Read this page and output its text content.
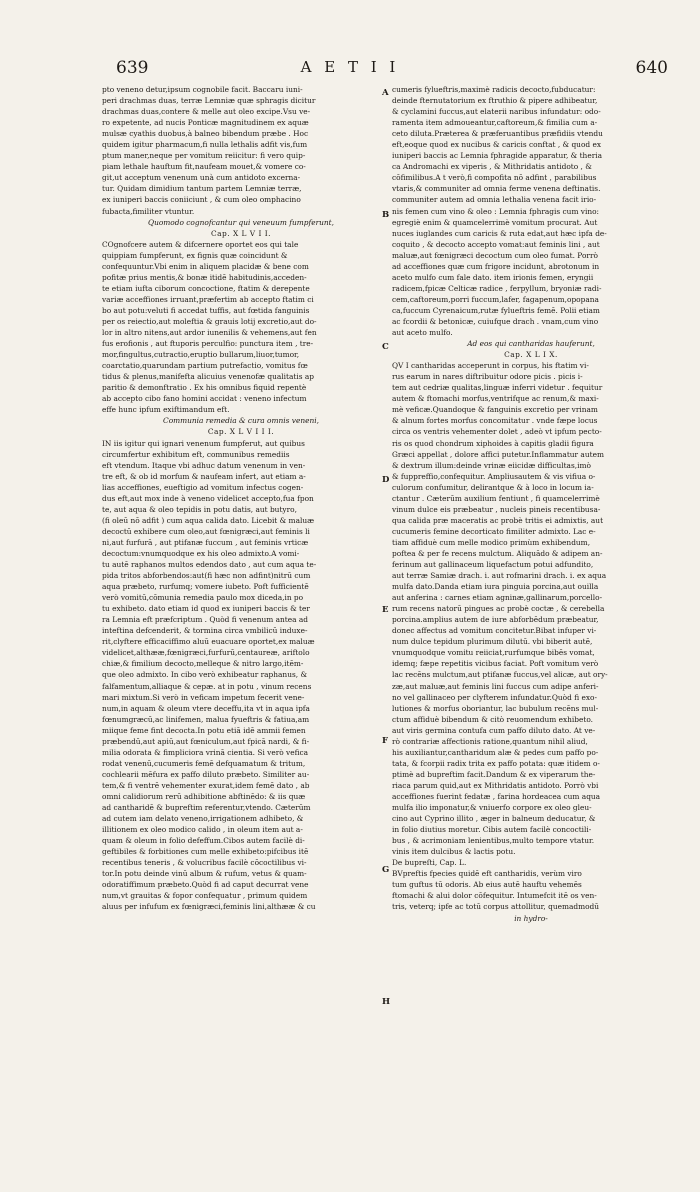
639	A E T I I	640
pto veneno detur,ipsum cognobile facit. Baccaru iuni-
peri drachmas duas, terræ Lemniæ quæ sphragis dicitur
drachmas duas,contere & melle aut oleo excipe.Vsu ve-
ro expetente, ad nucis Ponticæ magnitudinem ex aquæ
mulsæ cyathis duobus,à balneo bibendum præbe . Hoc
quidem igitur pharmacum,fi nulla lethalis adfit vis,fum
ptum maner,neque per vomitum reiicitur: fi vero quip-
piam lethale hauftum fit,naufeam mouet,& vomere co-
git,ut acceptum venenum unà cum antidoto excerna-
tur. Quidam dimidium tantum partem Lemniæ terræ,
ex iuniperi baccis coniiciunt , & cum oleo omphacino
fubacta,fimiliter vtuntur.
Quomodo cognofcantur qui veneuum fumpferunt,
Cap. X L V I I.
COgnofcere autem & difcernere oportet eos qui tale
quippiam fumpferunt, ex fignis quæ coincidunt &
confequuntur.Vbi enim in aliquem placidæ & bene com
pofitæ prius mentis,& bonæ itidē habitudinis,acceden-
te etiam iufta ciborum concoctione, ftatim & derepente
variæ acceffiones irruant,præfertim ab accepto ftatim ci
bo aut potu:veluti fi accedat tuffis, aut fœtida fanguinis
per os reiectio,aut moleftia & grauis lotij excretio,aut do-
lor in altro nitens,aut ardor iunenilis & vehemens,aut fen
fus erofionis , aut ftuporis perculfio: punctura item , tre-
mor,fingultus,cutractio,eruptio bullarum,liuor,tumor,
coarctatio,quarundam partium putrefactio, vomitus fœ
tidus & plenus,manifefta alicuius venenofæ qualitatis ap
paritio & demonftratio . Ex his omnibus fiquid repentè
ab accepto cibo fano homini accidat : veneno infectum
effe hunc ipfum exiftimandum eft.
Communia remedia & cura omnis veneni,
Cap. X L V I I I.
IN iis igitur qui ignari venenum fumpferut, aut quibus
circumfertur exhibitum eft, communibus remediis
eft vtendum. Itaque vbi adhuc datum venenum in ven-
tre eft, & ob id morfum & naufeam infert, aut etiam a-
lias acceffiones, eueftigio ad vomitum infectus cogen-
dus eft,aut mox inde à veneno videlicet accepto,fua fpon
te, aut aqua & oleo tepidis in potu datis, aut butyro,
(fi oleū nō adfit ) cum aqua calida dato. Licebit & maluæ
decoctū exhibere cum oleo,aut fœnigræci,aut feminis li
ni,aut furfurā , aut ptifanæ fuccum , aut feminis vrticæ
decoctum:vnumquodque ex his oleo admixto.A vomi-
tu autē raphanos multos edendos dato , aut cum aqua te-
pida tritos abforbendos:aut(fi hæc non adfint)nitrū cum
aqua præbeto, rurfumq; vomere iubeto. Poft fufficientē
verò vomitū,cōmunia remedia paulo mox diceda,in po
tu exhibeto. dato etiam id quod ex iuniperi baccis & ter
ra Lemnia eft præfcriptum . Quòd fi venenum antea ad
inteftina defcenderit, & tormina circa vmbilicū induxe-
rit,clyftere efficaciffimo aluū euacuare oportet,ex maluæ
videlicet,althææ,fœnigræci,furfurū,centaureæ, ariftolo
chiæ,& fimilium decocto,melleque & nitro largo,itēm-
que oleo admixto. In cibo verò exhibeatur raphanus, &
falfamentum,alliaque & cepæ. at in potu , vinum recens
mari mixtum.Si verò in veficam impetum fecerit vene-
num,in aquam & oleum vtere deceffu,ita vt in aqua ipfa
fœnumgræcū,ac linifemen, malua fyueftris & fatiua,am
miique feme fint decocta.In potu etiā idē ammii femen
præbendū,aut apiū,aut fœniculum,aut fpicā nardi, & fi-
milia odorata & fimpliciora vrinā cientia. Si verò vefica
rodat venenū,cucumeris femē defquamatum & tritum,
cochlearii mēfura ex paffo diluto præbeto. Similiter au-
tem,& fi ventrē vehementer exurat,idem femē dato , ab
omni calidiorum rerū adhibitione abftinēdo: & iis quæ
ad cantharidē & bupreftim referentur,vtendo. Cæterūm
ad cutem iam delato veneno,irrigationem adhibeto, &
illitionem ex oleo modico calido , in oleum item aut a-
quam & oleum in folio defeffum.Cibos autem facilè di-
geftibiles & forbitiones cum melle exhibeto:pifcibus itē
recentibus teneris , & volucribus facilè cōcoctilibus vi-
tor.In potu deinde vinū album & rufum, vetus & quam-
odoratiffimum præbeto.Quòd fi ad caput decurrat vene
num,vt grauitas & fopor confequatur , primum quidem
aluus per infufum ex fœnigræci,feminis lini,althææ & cu
cumeris fylueftris,maximè radicis decocto,fubducatur:
deinde fternutatorium ex ftruthio & pipere adhibeatur,
& cyclamini fuccus,aut elaterii naribus infundatur: odo-
ramenta item admoueantur,caftoreum,& fimilia cum a-
ceto diluta.Præterea & præferuantibus præfidiis vtendu
eft,eoque quod ex nucibus & caricis conftat , & quod ex
iuniperi baccis ac Lemnia fphragide apparatur, & theria
ca Andromachi ex viperis , & Mithridatis antidoto , &
cōfimilibus.A t verò,fi compofita nō adfint , parabilibus
vtaris,& communiter ad omnia ferme venena deftinatis.
communiter autem ad omnia lethalia venena facit irio-
nis femen cum vino & oleo : Lemnia fphragis cum vino:
egregiè enim & quamcelerrimè vomitum procurat. Aut
nuces iuglandes cum caricis & ruta edat,aut hæc ipfa de-
coquito , & decocto accepto vomat:aut feminis lini , aut
maluæ,aut fœnigræci decoctum cum oleo fumat. Porrò
ad acceffiones quæ cum frigore incidunt, abrotonum in
aceto mulfo cum fale dato. item irionis femen, eryngii
radicem,fpicæ Celticæ radice , ferpyllum, bryoniæ radi-
cem,caftoreum,porri fuccum,lafer, fagapenum,opopana
ca,fuccum Cyrenaicum,rutæ fylueftris femē. Polii etiam
ac fcordii & betonicæ, cuiufque drach . vnam,cum vino
aut aceto mulfo.
Ad eos qui cantharidas hauferunt,
Cap. X L I X.
QV I cantharidas acceperunt in corpus, his ftatim vi-
rus earum in nares diftribuitur odore picis . picis i-
tem aut cedriæ qualitas,linguæ inferri videtur . fequitur
autem & ftomachi morfus,ventrifque ac renum,& maxi-
mè veficæ.Quandoque & fanguinis excretio per vrinam
& alnum fortes morfus concomitatur . vnde fæpe locus
circa os ventris vehementer dolet , adeò vt ipfum pecto-
ris os quod chondrum xiphoides à capitis gladii figura
Græci appellat , dolore affici putetur.Inflammatur autem
& dextrum illum:deinde vrinæ eiicidæ difficultas,imò
& fuppreffio,confequitur. Ampliusautem & vis vifiua o-
culorum confumitur, delirantque & à loco in locum ia-
ctantur . Cæterūm auxilium fentiunt , fi quamcelerrimè
vinum dulce eis præbeatur , nucleis pineis recentibusa-
qua calida præ maceratis ac probè tritis ei admixtis, aut
cucumeris femine decorticato fimiliter admixto. Lac e-
tiam affiduè cum melle modico primùm exhibendum,
poftea & per fe recens mulctum. Aliquādo & adipem an-
ferinum aut gallinaceum liquefactum potui adfundito,
aut terræ Samiæ drach. i. aut rofmarini drach. i. ex aqua
mulfa dato.Danda etiam iura pinguia porcina,aut ouilla
aut anferina : carnes etiam agninæ,gallinarum,porcello-
rum recens natorū pingues ac probè coctæ , & cerebella
porcina.amplius autem de iure abforbēdum præbeatur,
donec affectus ad vomitum concitetur.Bibat infuper vi-
num dulce tepidum plurimum dilutū. vbi biberit autē,
vnumquodque vomitu reiiciat,rurfumque bibēs vomat,
idemq; fæpe repetitis vicibus faciat. Poft vomitum verò
lac recēns mulctum,aut ptifanæ fuccus,vel alicæ, aut ory-
zæ,aut maluæ,aut feminis lini fuccus cum adipe anferi-
no vel gallinaceo per clyfterem infundatur.Quòd fi exo-
lutiones & morfus oboriantur, lac bubulum recēns mul-
ctum affiduè bibendum & citò reuomendum exhibeto.
aut viris germina contufa cum paffo diluto dato. At ve-
rò contrariæ affectionis ratione,quantum nihil aliud,
his auxiliantur,cantharidum alæ & pedes cum paffo po-
tata, & fcorpii radix trita ex paffo potata: quæ itidem o-
ptimè ad bupreftim facit.Dandum & ex viperarum the-
riaca parum quid,aut ex Mithridatis antidoto. Porrò vbi
acceffiones fuerint fedatæ , farina hordeacea cum aqua
mulfa ilio imponatur,& vniuerfo corpore ex oleo gleu-
cino aut Cyprino illito , æger in balneum deducatur, &
in folio diutius moretur. Cibis autem facilè concoctili-
bus , & acrimoniam lenientibus,multo tempore vtatur.
vinis item dulcibus & lactis potu.
De bupreſti, Cap. L.
BVpreftis fpecies quidē eft cantharidis, verùm viro
tum guftus tū odoris. Ab eius autē hauftu vehemēs
ftomachi & alui dolor cōfequitur. Intumefcit itē os ven-
tris, veterq; ipfe ac totū corpus attollitur, quemadmodū
in hydro-
A
B
C
D
E
F
G
H
